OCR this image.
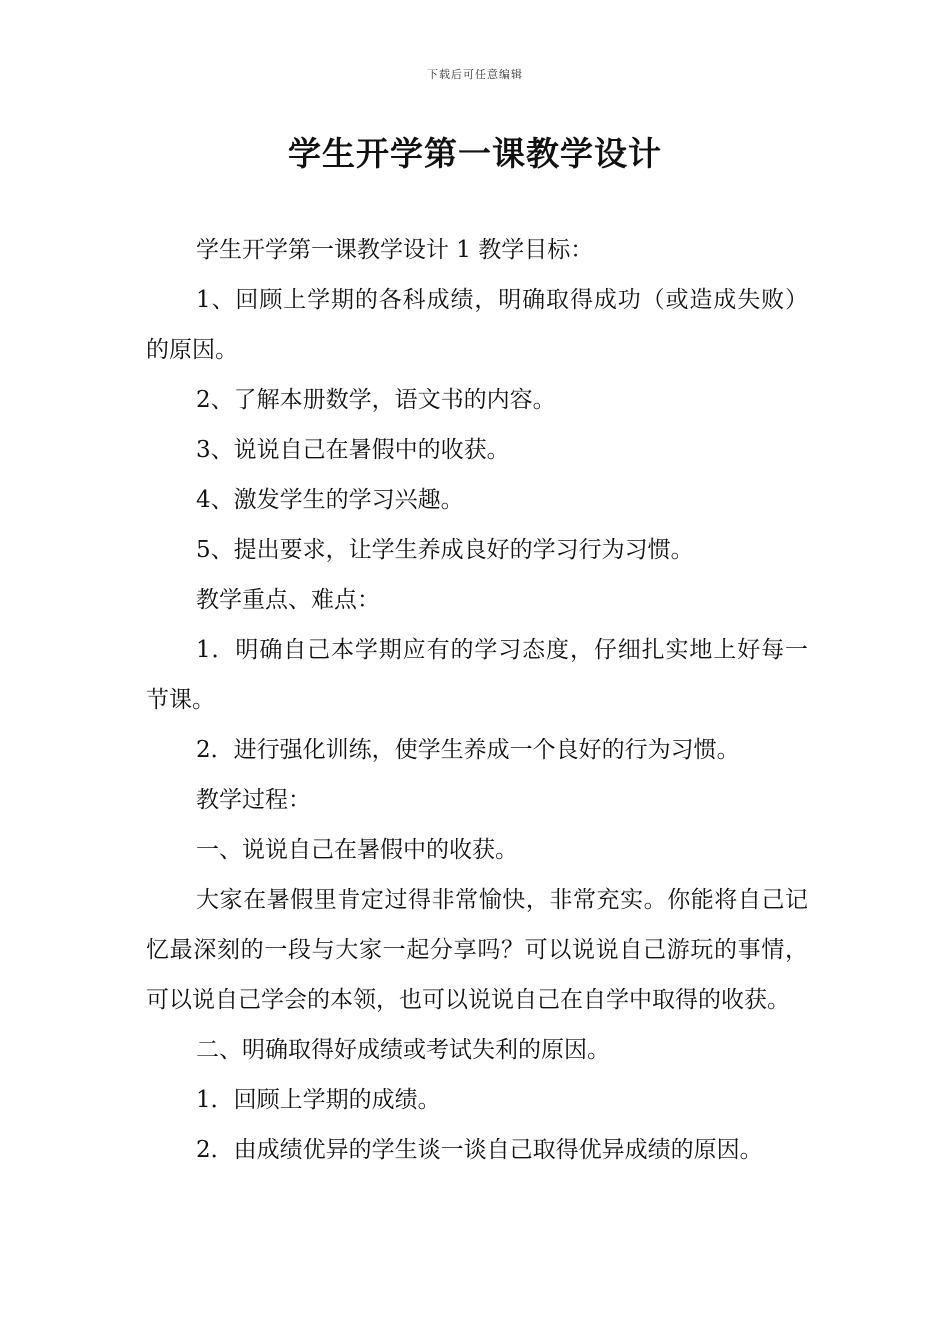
下载后可任意编辑
学生开学第一课教学设计

学生开学第一课教学设计 1 教学目标：

1、回顾上学期的各科成绩，明确取得成功（或造成失败）的原因。

2、了解本册数学，语文书的内容。

3、说说自己在暑假中的收获。

4、激发学生的学习兴趣。

5、提出要求，让学生养成良好的学习行为习惯。

教学重点、难点：

1．明确自己本学期应有的学习态度，仔细扎实地上好每一节课。

2．进行强化训练，使学生养成一个良好的行为习惯。

教学过程：

一、说说自己在暑假中的收获。

大家在暑假里肯定过得非常愉快，非常充实。你能将自己记忆最深刻的一段与大家一起分享吗？可以说说自己游玩的事情，可以说自己学会的本领，也可以说说自己在自学中取得的收获。

二、明确取得好成绩或考试失利的原因。

1．回顾上学期的成绩。

2．由成绩优异的学生谈一谈自己取得优异成绩的原因。
